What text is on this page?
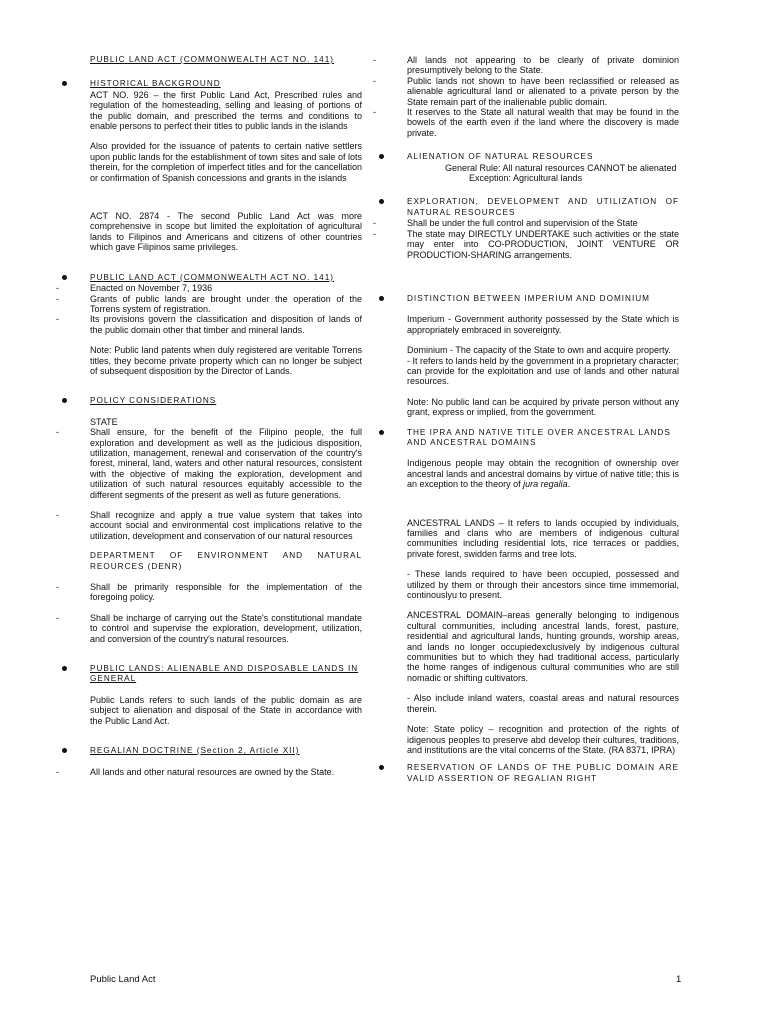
PUBLIC LAND ACT (COMMONWEALTH ACT NO. 141)
HISTORICAL BACKGROUND
ACT NO. 926 – the first Public Land Act, Prescribed rules and regulation of the homesteading, selling and leasing of portions of the public domain, and prescribed the terms and conditions to enable persons to perfect their titles to public lands in the islands
Also provided for the issuance of patents to certain native settlers upon public lands for the establishment of town sites and sale of lots therein, for the completion of imperfect titles and for the cancellation or confirmation of Spanish concessions and grants in the islands
ACT NO. 2874 - The second Public Land Act was more comprehensive in scope but limited the exploitation of agricultural lands to Filipinos and Americans and citizens of other countries which gave Filipinos same privileges.
PUBLIC LAND ACT (COMMONWEALTH ACT NO. 141)
- Enacted on November 7, 1936
- Grants of public lands are brought under the operation of the Torrens system of registration.
- Its provisions govern the classification and disposition of lands of the public domain other that timber and mineral lands.
Note: Public land patents when duly registered are veritable Torrens titles, they become private property which can no longer be subject of subsequent disposition by the Director of Lands.
POLICY CONSIDERATIONS
STATE
- Shall ensure, for the benefit of the Filipino people, the full exploration and development as well as the judicious disposition, utilization, management, renewal and conservation of the country's forest, mineral, land, waters and other natural resources, consistent with the objective of making the exploration, development and utilization of such natural resources equitably accessible to the different segments of the present as well as future generations.
- Shall recognize and apply a true value system that takes into account social and environmental cost implications relative to the utilization, development and conservation of our natural resources
DEPARTMENT OF ENVIRONMENT AND NATURAL REOURCES (DENR)
- Shall be primarily responsible for the implementation of the foregoing policy.
- Shall be incharge of carrying out the State's constitutional mandate to control and supervise the exploration, development, utilization, and conversion of the country's natural resources.
PUBLIC LANDS: ALIENABLE AND DISPOSABLE LANDS IN GENERAL
Public Lands refers to such lands of the public domain as are subject to alienation and disposal of the State in accordance with the Public Land Act.
REGALIAN DOCTRINE (Section 2, Article XII)
- All lands and other natural resources are owned by the State.
- All lands not appearing to be clearly of private dominion presumptively belong to the State.
- Public lands not shown to have been reclassified or released as alienable agricultural land or alienated to a private person by the State remain part of the inalienable public domain.
- It reserves to the State all natural wealth that may be found in the bowels of the earth even if the land where the discovery is made private.
ALIENATION OF NATURAL RESOURCES
General Rule: All natural resources CANNOT be alienated
Exception: Agricultural lands
EXPLORATION, DEVELOPMENT AND UTILIZATION OF NATURAL RESOURCES
- Shall be under the full control and supervision of the State
- The state may DIRECTLY UNDERTAKE such activities or the state may enter into CO-PRODUCTION, JOINT VENTURE OR PRODUCTION-SHARING arrangements.
DISTINCTION BETWEEN IMPERIUM AND DOMINIUM
Imperium - Government authority possessed by the State which is appropriately embraced in sovereignty.
Dominium - The capacity of the State to own and acquire property.
- It refers to lands held by the government in a proprietary character; can provide for the exploitation and use of lands and other natural resources.
Note: No public land can be acquired by private person without any grant, express or implied, from the government.
THE IPRA AND NATIVE TITLE OVER ANCESTRAL LANDS AND ANCESTRAL DOMAINS
Indigenous people may obtain the recognition of ownership over ancestral lands and ancestral domains by virtue of native title; this is an exception to the theory of jura regalia.
ANCESTRAL LANDS – It refers to lands occupied by individuals, families and clans who are members of indigenous cultural communities including residential lots, rice terraces or paddies, private forest, swidden farms and tree lots.
- These lands required to have been occupied, possessed and utilized by them or through their ancestors since time immemorial, continouslyu to present.
ANCESTRAL DOMAIN–areas generally belonging to indigenous cultural communities, including ancestral lands, forest, pasture, residential and agricultural lands, hunting grounds, worship areas, and lands no longer occupiedexclusively by indigenous cultural communities but to which they had traditional access, particularly the home ranges of indigenous cultural communities who are still nomadic or shifting cultivators.
- Also include inland waters, coastal areas and natural resources therein.
Note: State policy – recognition and protection of the rights of idigenous peoples to preserve abd develop their cultures, traditions, and institutions are the vital concerns of the State. (RA 8371, IPRA)
RESERVATION OF LANDS OF THE PUBLIC DOMAIN ARE VALID ASSERTION OF REGALIAN RIGHT
Public Land Act	1
